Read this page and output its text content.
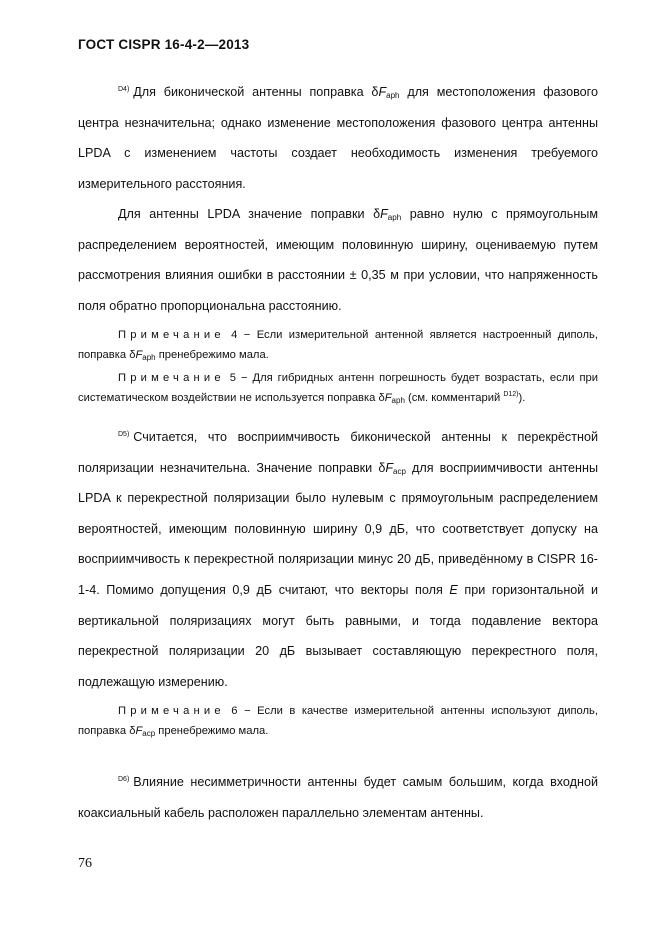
ГОСТ CISPR 16-4-2—2013

$^{D4)}$ Для биконической антенны поправка $\delta F_{aph}$ для местоположения фазового центра незначительна; однако изменение местоположения фазового центра антенны LPDA с изменением частоты создает необходимость изменения требуемого измерительного расстояния.

Для антенны LPDA значение поправки $\delta F_{aph}$ равно нулю с прямоугольным распределением вероятностей, имеющим половинную ширину, оцениваемую путем рассмотрения влияния ошибки в расстоянии ± 0,35 м при условии, что напряженность поля обратно пропорциональна расстоянию.

Примечание 4 − Если измерительной антенной является настроенный диполь, поправка $\delta F_{aph}$ пренебрежимо мала.

Примечание 5 − Для гибридных антенн погрешность будет возрастать, если при систематическом воздействии не используется поправка $\delta F_{aph}$ (см. комментарий $^{D12)}$).

$^{D5)}$ Считается, что восприимчивость биконической антенны к перекрёстной поляризации незначительна. Значение поправки $\delta F_{acp}$ для восприимчивости антенны LPDA к перекрестной поляризации было нулевым с прямоугольным распределением вероятностей, имеющим половинную ширину 0,9 дБ, что соответствует допуску на восприимчивость к перекрестной поляризации минус 20 дБ, приведённому в CISPR 16-1-4. Помимо допущения 0,9 дБ считают, что векторы поля E при горизонтальной и вертикальной поляризациях могут быть равными, и тогда подавление вектора перекрестной поляризации 20 дБ вызывает составляющую перекрестного поля, подлежащую измерению.

Примечание 6 − Если в качестве измерительной антенны используют диполь, поправка $\delta F_{acp}$ пренебрежимо мала.

$^{D6)}$ Влияние несимметричности антенны будет самым большим, когда входной коаксиальный кабель расположен параллельно элементам антенны.

76
